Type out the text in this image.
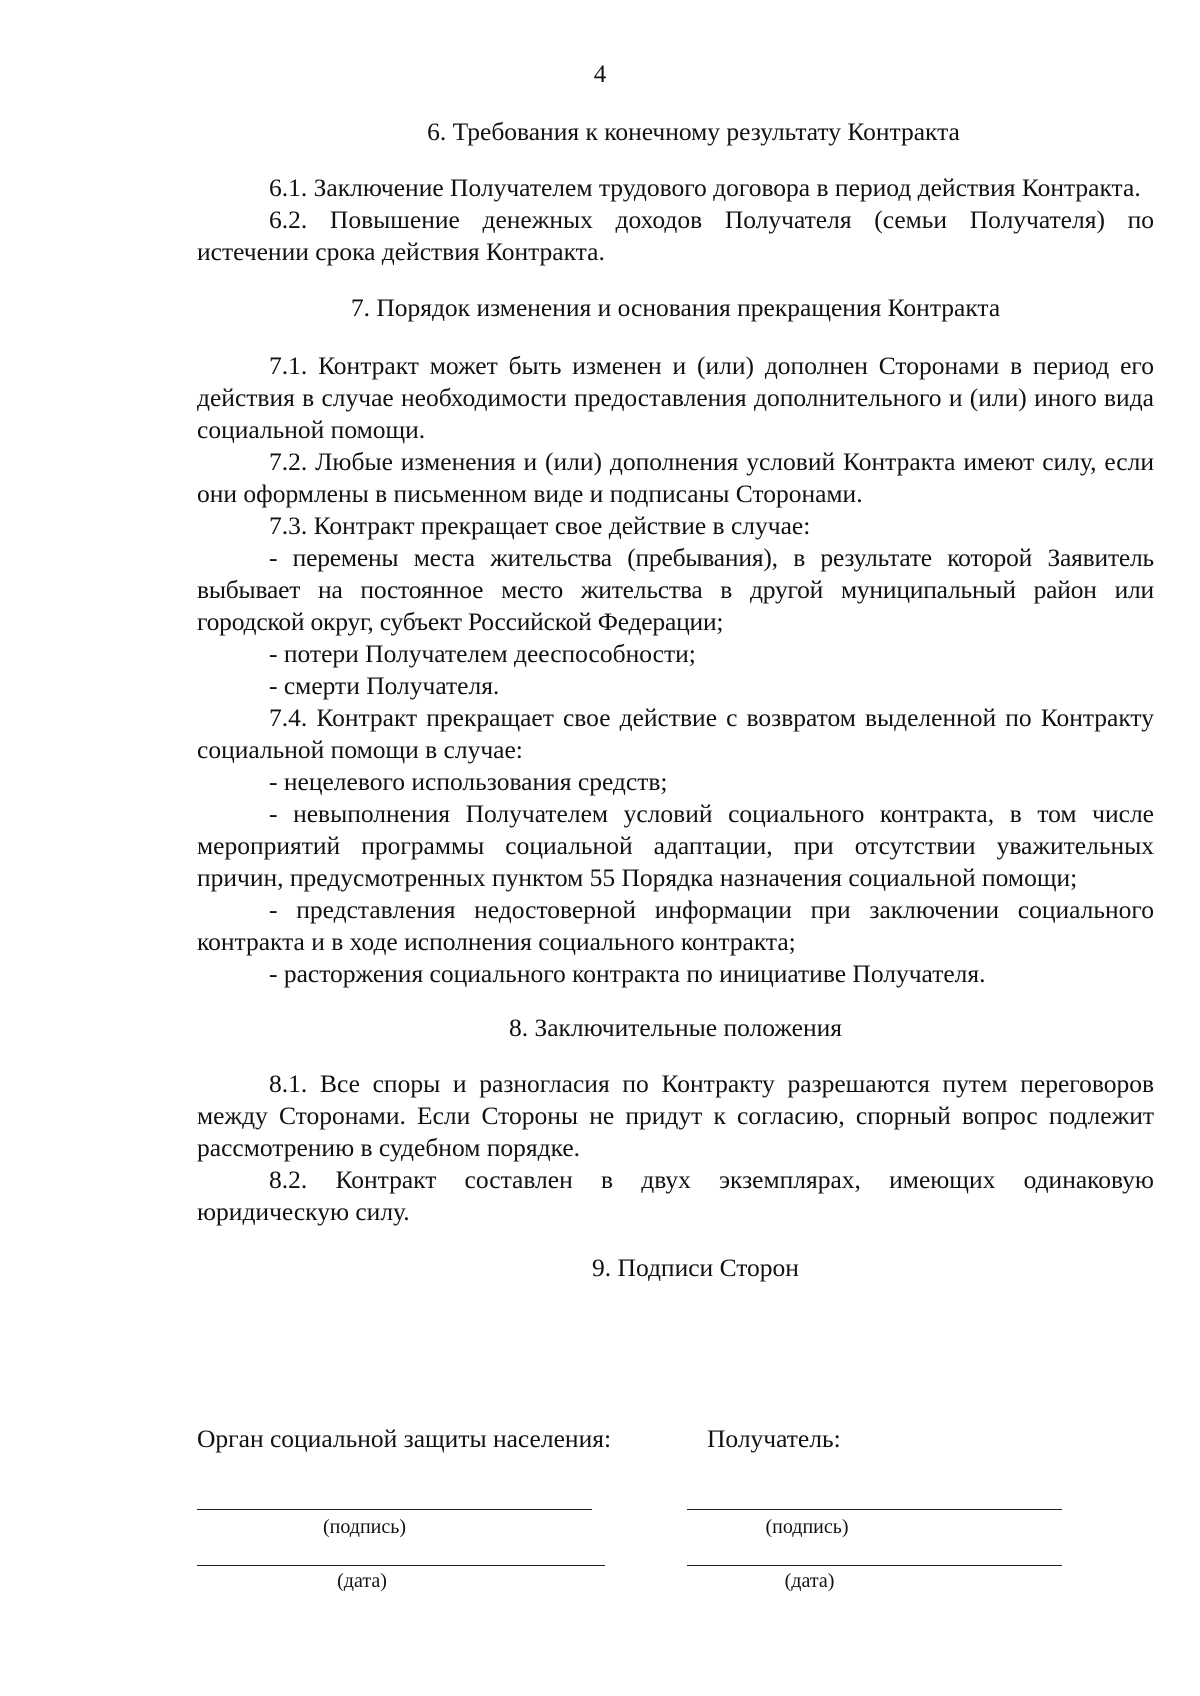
4
6. Требования к конечному результату Контракта

6.1. Заключение Получателем трудового договора в период действия Контракта.

6.2. Повышение денежных доходов Получателя (семьи Получателя) по истечении срока действия Контракта.

7. Порядок изменения и основания прекращения Контракта

7.1. Контракт может быть изменен и (или) дополнен Сторонами в период его действия в случае необходимости предоставления дополнительного и (или) иного вида социальной помощи.

7.2. Любые изменения и (или) дополнения условий Контракта имеют силу, если они оформлены в письменном виде и подписаны Сторонами.

7.3. Контракт прекращает свое действие в случае:

- перемены места жительства (пребывания), в результате которой Заявитель выбывает на постоянное место жительства в другой муниципальный район или городской округ, субъект Российской Федерации;

- потери Получателем дееспособности;

- смерти Получателя.

7.4. Контракт прекращает свое действие с возвратом выделенной по Контракту социальной помощи в случае:

- нецелевого использования средств;

- невыполнения Получателем условий социального контракта, в том числе мероприятий программы социальной адаптации, при отсутствии уважительных причин, предусмотренных пунктом 55 Порядка назначения социальной помощи;

- представления недостоверной информации при заключении социального контракта и в ходе исполнения социального контракта;

- расторжения социального контракта по инициативе Получателя.

8. Заключительные положения

8.1. Все споры и разногласия по Контракту разрешаются путем переговоров между Сторонами. Если Стороны не придут к согласию, спорный вопрос подлежит рассмотрению в судебном порядке.

8.2. Контракт составлен в двух экземплярах, имеющих одинаковую юридическую силу.

9. Подписи Сторон
Орган социальной защиты населения:	Получатель:
(подпись)	(подпись)
(дата)	(дата)
